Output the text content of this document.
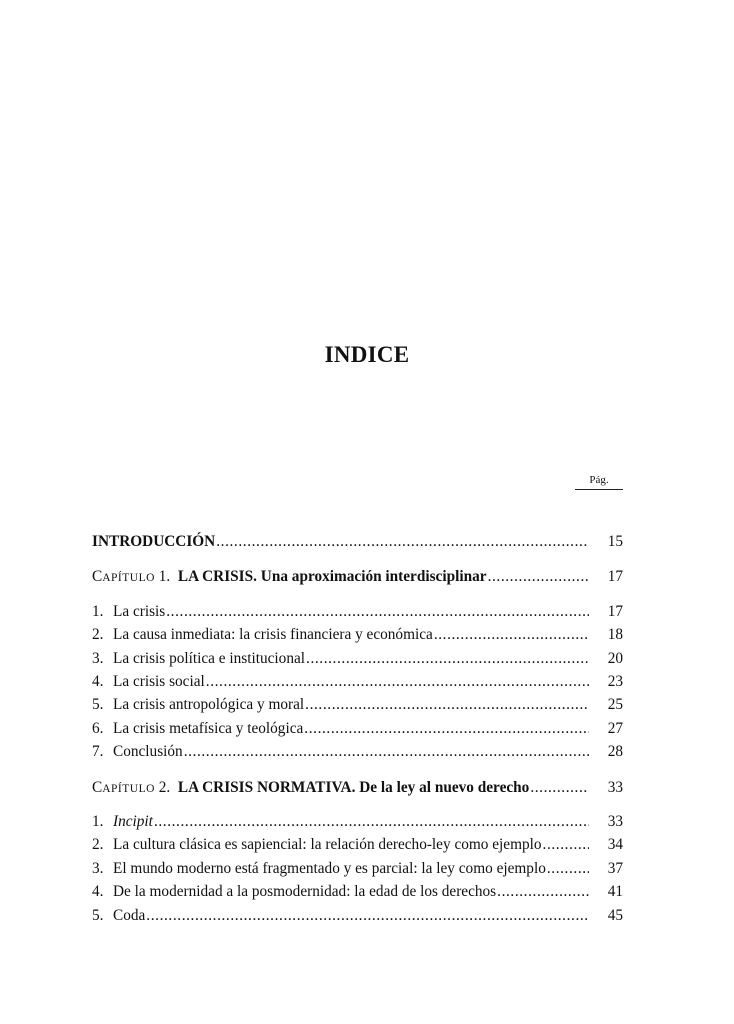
INDICE
Pág.
INTRODUCCIÓN .....	15
CAPÍTULO 1. LA CRISIS. Una aproximación interdisciplinar .....	17
1. La crisis .....	17
2. La causa inmediata: la crisis financiera y económica .....	18
3. La crisis política e institucional .....	20
4. La crisis social .....	23
5. La crisis antropológica y moral .....	25
6. La crisis metafísica y teológica .....	27
7. Conclusión .....	28
CAPÍTULO 2. LA CRISIS NORMATIVA. De la ley al nuevo derecho .....	33
1. Incipit .....	33
2. La cultura clásica es sapiencial: la relación derecho-ley como ejemplo .....	34
3. El mundo moderno está fragmentado y es parcial: la ley como ejemplo .....	37
4. De la modernidad a la posmodernidad: la edad de los derechos .....	41
5. Coda .....	45
